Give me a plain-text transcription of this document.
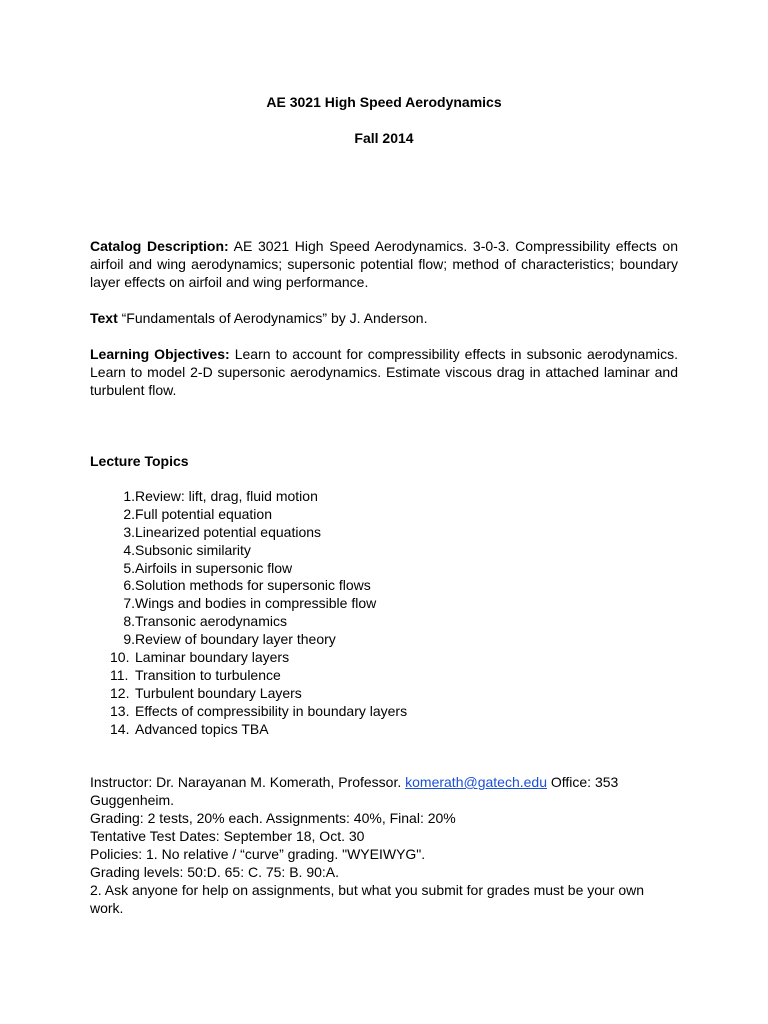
AE 3021 High Speed Aerodynamics
Fall 2014

Catalog Description: AE 3021 High Speed Aerodynamics. 3-0-3. Compressibility effects on airfoil and wing aerodynamics; supersonic potential flow; method of characteristics; boundary layer effects on airfoil and wing performance.

Text “Fundamentals of Aerodynamics” by J. Anderson.

Learning Objectives: Learn to account for compressibility effects in subsonic aerodynamics. Learn to model 2-D supersonic aerodynamics. Estimate viscous drag in attached laminar and turbulent flow.

Lecture Topics
1. Review: lift, drag, fluid motion
2. Full potential equation
3. Linearized potential equations
4. Subsonic similarity
5. Airfoils in supersonic flow
6. Solution methods for supersonic flows
7. Wings and bodies in compressible flow
8. Transonic aerodynamics
9. Review of boundary layer theory
10. Laminar boundary layers
11. Transition to turbulence
12. Turbulent boundary Layers
13. Effects of compressibility in boundary layers
14. Advanced topics TBA
Instructor: Dr. Narayanan M. Komerath, Professor. komerath@gatech.edu Office: 353
Guggenheim.
Grading: 2 tests, 20% each. Assignments: 40%, Final: 20%
Tentative Test Dates: September 18, Oct. 30
Policies: 1. No relative / “curve” grading. "WYEIWYG".
Grading levels: 50:D. 65: C. 75: B. 90:A.
2. Ask anyone for help on assignments, but what you submit for grades must be your own work.
